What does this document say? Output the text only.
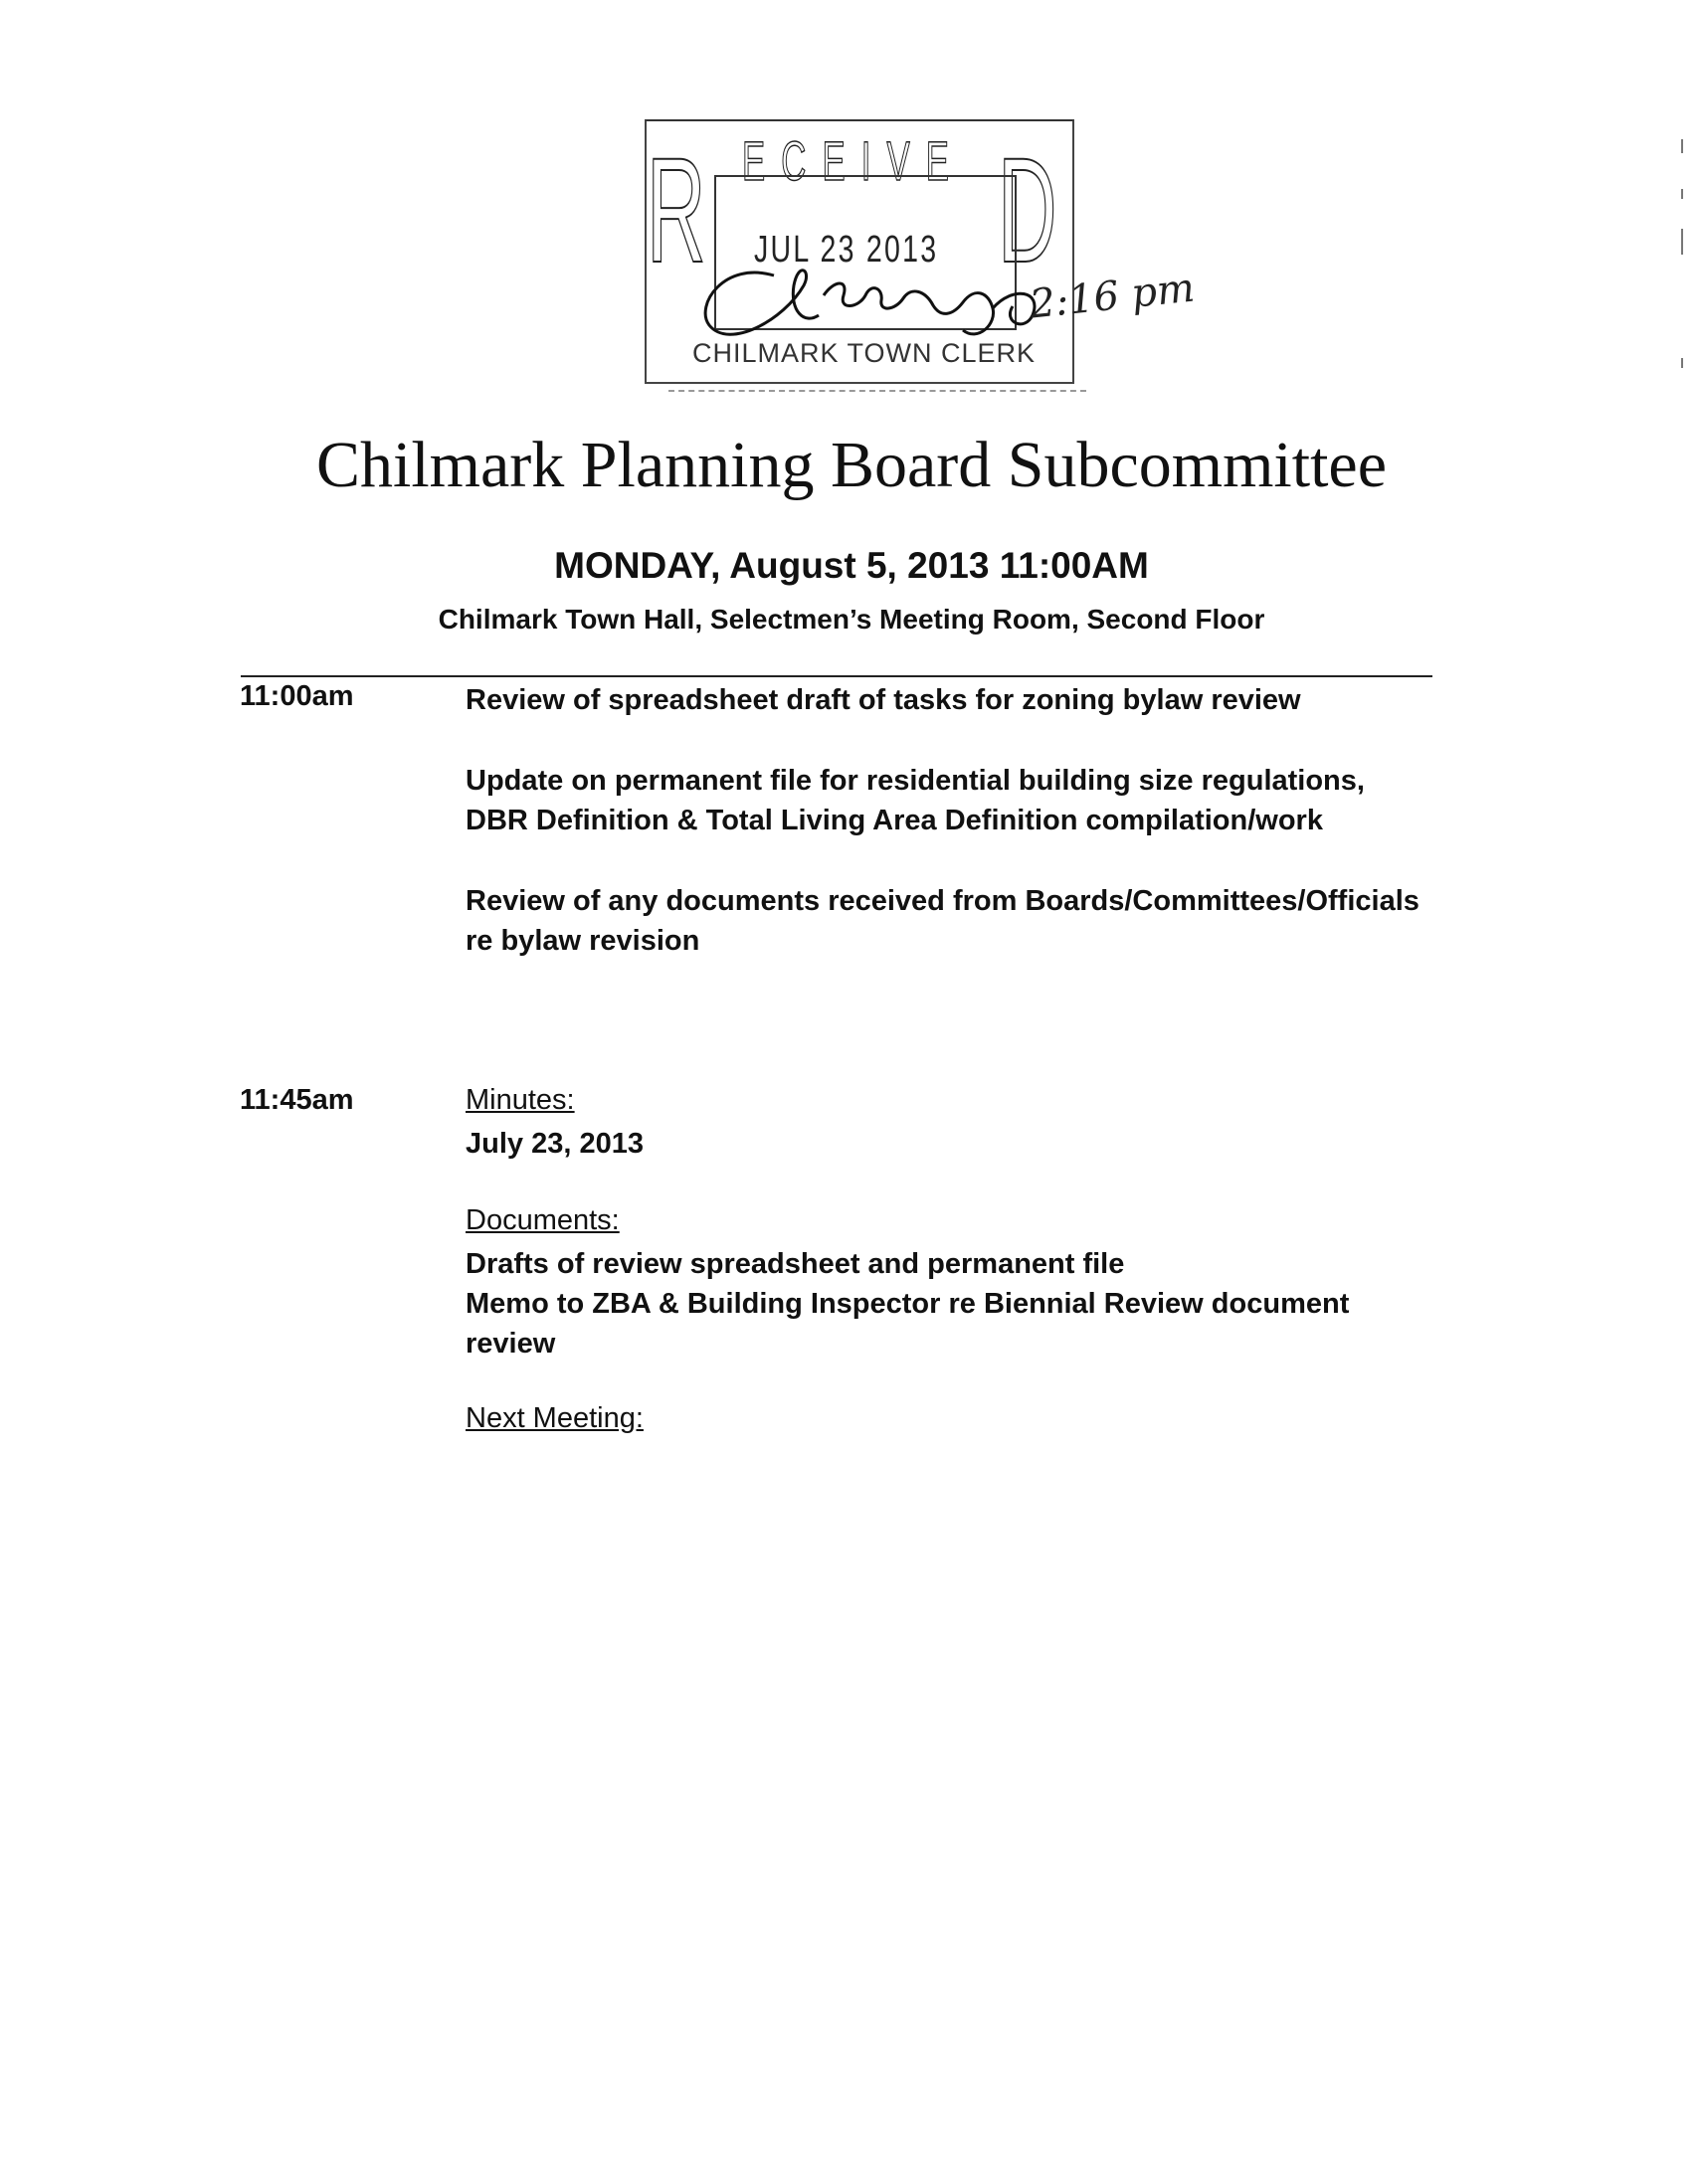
R ECEIVE D
JUL 23 2013
CHILMARK TOWN CLERK
2:16 pm
Chilmark Planning Board Subcommittee
MONDAY, August 5, 2013 11:00AM
Chilmark Town Hall, Selectmen’s Meeting Room, Second Floor
11:00am	Review of spreadsheet draft of tasks for zoning bylaw review
Update on permanent file for residential building size regulations,
DBR Definition & Total Living Area Definition compilation/work
Review of any documents received from Boards/Committees/Officials
re bylaw revision
11:45am	Minutes:
July 23, 2013
Documents:
Drafts of review spreadsheet and permanent file
Memo to ZBA & Building Inspector re Biennial Review document
review
Next Meeting:
